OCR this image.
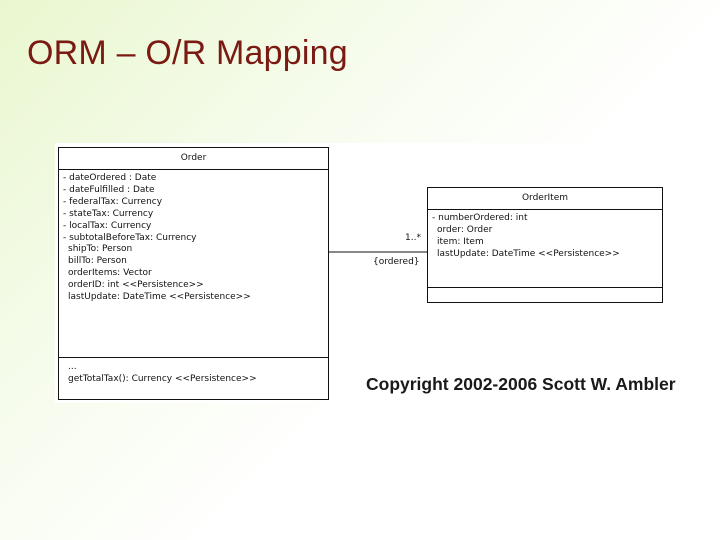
ORM – O/R Mapping
Order
- dateOrdered : Date
- dateFulfilled : Date
- federalTax: Currency
- stateTax: Currency
- localTax: Currency
- subtotalBeforeTax: Currency
shipTo: Person
billTo: Person
orderItems: Vector
orderID: int <<Persistence>>
lastUpdate: DateTime <<Persistence>>
...
getTotalTax(): Currency <<Persistence>>
OrderItem
- numberOrdered: int
order: Order
item: Item
lastUpdate: DateTime <<Persistence>>
1..*
{ordered}
Copyright 2002-2006 Scott W. Ambler
